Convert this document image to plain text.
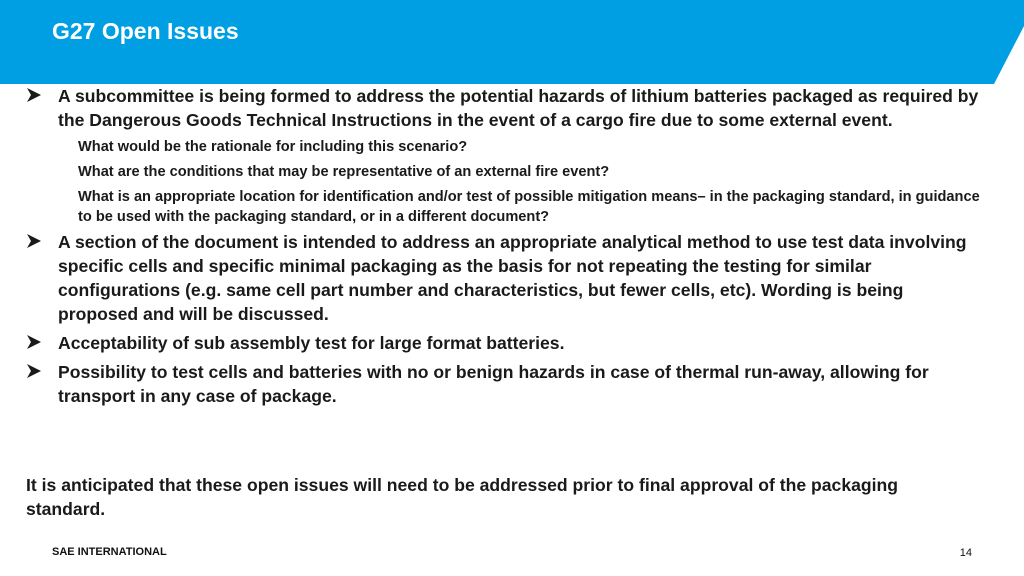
G27 Open Issues
A subcommittee is being formed to address the potential hazards of lithium batteries packaged as required by the Dangerous Goods Technical Instructions in the event of a cargo fire due to some external event.
What would be the rationale for including this scenario?
What are the conditions that may be representative of an external fire event?
What is an appropriate location for identification and/or test of possible mitigation means– in the packaging standard, in guidance to be used with the packaging standard, or in a different document?
A section of the document is intended to address an appropriate analytical method to use test data involving specific cells and specific minimal packaging as the basis for not repeating the testing for similar configurations (e.g. same cell part number and characteristics, but fewer cells, etc). Wording is being proposed and will be discussed.
Acceptability of sub assembly test for large format batteries.
Possibility to test cells and batteries with no or benign hazards in case of thermal run-away, allowing for transport in any case of package.
It is anticipated that these open issues will need to be addressed prior to final approval of the packaging standard.
SAE INTERNATIONAL	14
